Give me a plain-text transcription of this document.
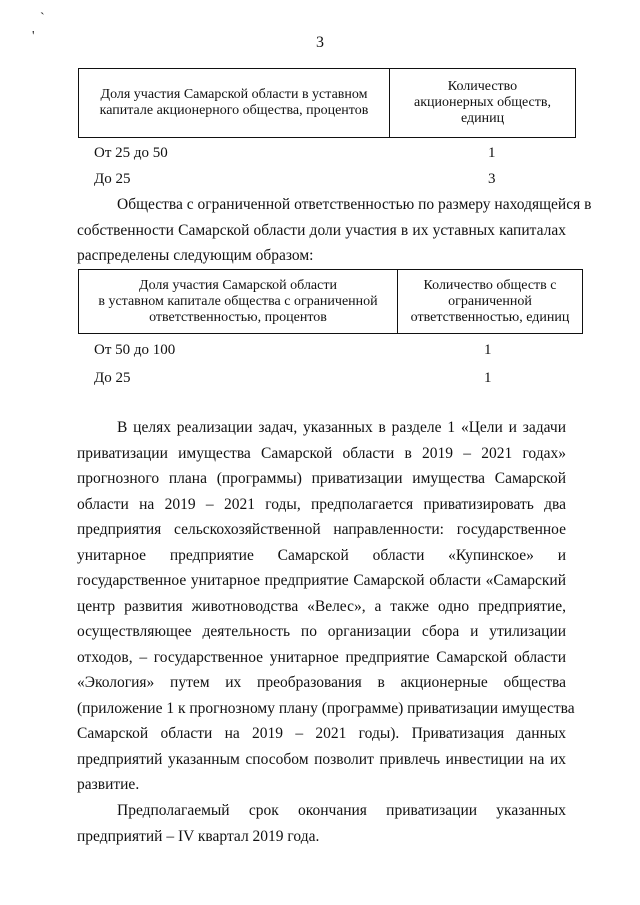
`
'	3
Доля участия Самарской области в уставном
капитале акционерного общества, процентов

Количество
акционерных обществ,
единиц
От 25 до 50	1
До 25	3
Общества с ограниченной ответственностью по размеру находящейся в
собственности Самарской области доли участия в их уставных капиталах
распределены следующим образом:
Доля участия Самарской области
в уставном капитале общества с ограниченной
ответственностью, процентов

Количество обществ с
ограниченной
ответственностью, единиц
От 50 до 100	1
До 25	1
В целях реализации задач, указанных в разделе 1 «Цели и задачи
приватизации имущества Самарской области в 2019 – 2021 годах»
прогнозного плана (программы) приватизации имущества Самарской
области на 2019 – 2021 годы, предполагается приватизировать два
предприятия сельскохозяйственной направленности: государственное
унитарное предприятие Самарской области «Купинское» и
государственное унитарное предприятие Самарской области «Самарский
центр развития животноводства «Велес», а также одно предприятие,
осуществляющее деятельность по организации сбора и утилизации
отходов, – государственное унитарное предприятие Самарской области
«Экология» путем их преобразования в акционерные общества
(приложение 1 к прогнозному плану (программе) приватизации имущества
Самарской области на 2019 – 2021 годы). Приватизация данных
предприятий указанным способом позволит привлечь инвестиции на их
развитие.
Предполагаемый срок окончания приватизации указанных
предприятий – IV квартал 2019 года.
